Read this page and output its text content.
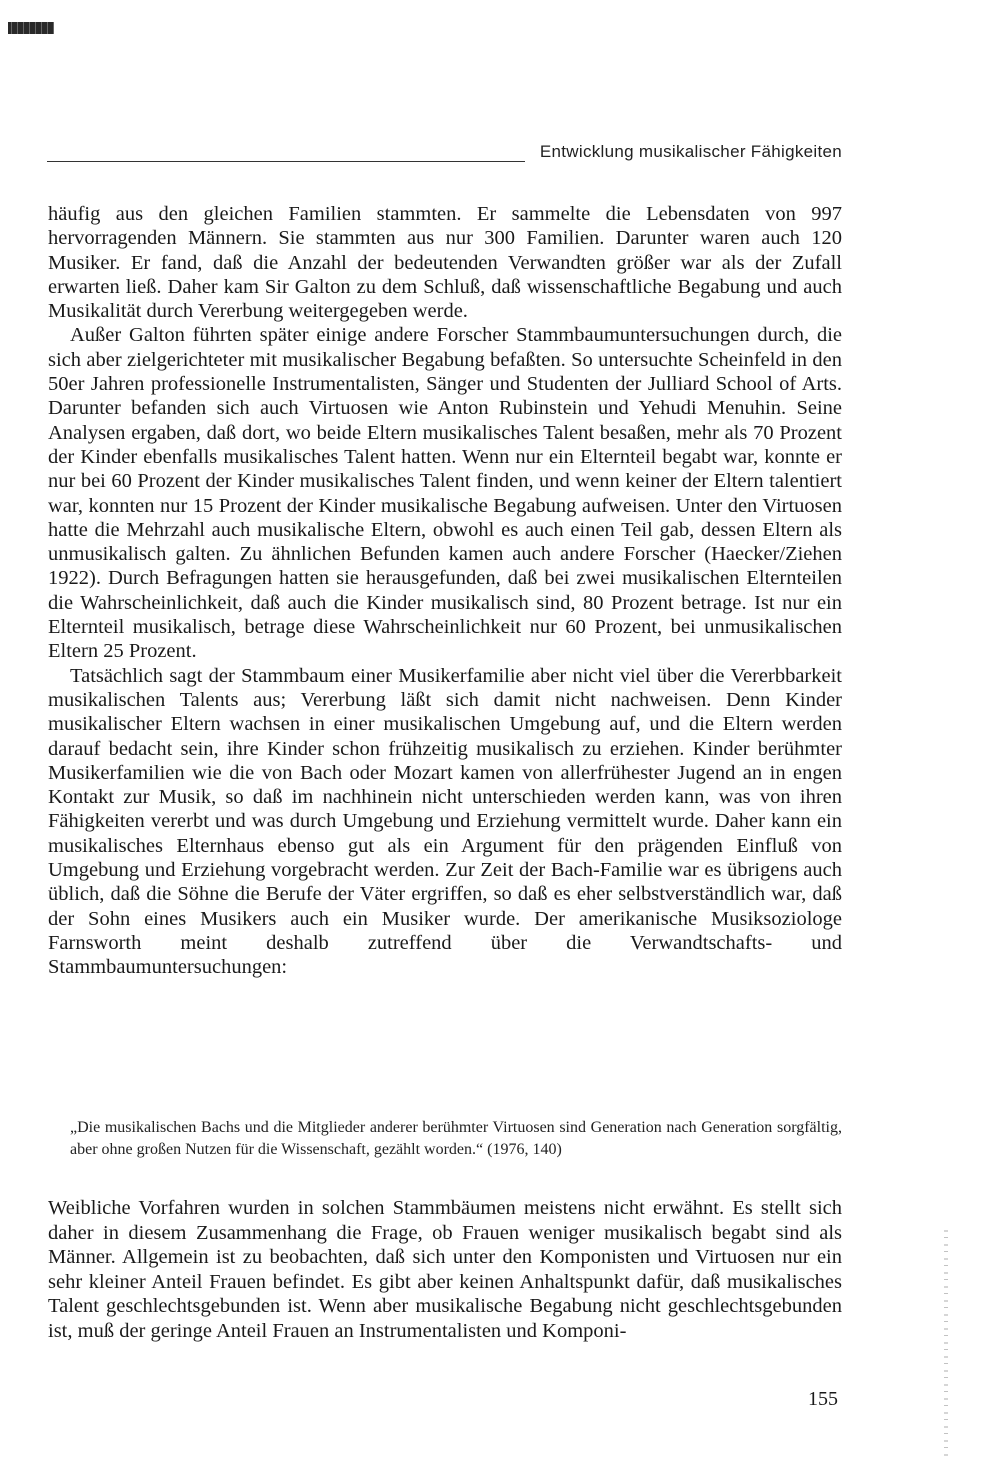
Entwicklung musikalischer Fähigkeiten

häufig aus den gleichen Familien stammten. Er sammelte die Lebensdaten von 997 hervorragenden Männern. Sie stammten aus nur 300 Familien. Darunter waren auch 120 Musiker. Er fand, daß die Anzahl der bedeutenden Verwandten größer war als der Zufall erwarten ließ. Daher kam Sir Galton zu dem Schluß, daß wissenschaftliche Begabung und auch Musikalität durch Vererbung weitergegeben werde.

Außer Galton führten später einige andere Forscher Stammbaumuntersuchungen durch, die sich aber zielgerichteter mit musikalischer Begabung befaßten. So untersuchte Scheinfeld in den 50er Jahren professionelle Instrumentalisten, Sänger und Studenten der Julliard School of Arts. Darunter befanden sich auch Virtuosen wie Anton Rubinstein und Yehudi Menuhin. Seine Analysen ergaben, daß dort, wo beide Eltern musikalisches Talent besaßen, mehr als 70 Prozent der Kinder ebenfalls musikalisches Talent hatten. Wenn nur ein Elternteil begabt war, konnte er nur bei 60 Prozent der Kinder musikalisches Talent finden, und wenn keiner der Eltern talentiert war, konnten nur 15 Prozent der Kinder musikalische Begabung aufweisen. Unter den Virtuosen hatte die Mehrzahl auch musikalische Eltern, obwohl es auch einen Teil gab, dessen Eltern als unmusikalisch galten. Zu ähnlichen Befunden kamen auch andere Forscher (Haecker/Ziehen 1922). Durch Befragungen hatten sie herausgefunden, daß bei zwei musikalischen Elternteilen die Wahrscheinlichkeit, daß auch die Kinder musikalisch sind, 80 Prozent betrage. Ist nur ein Elternteil musikalisch, betrage diese Wahrscheinlichkeit nur 60 Prozent, bei unmusikalischen Eltern 25 Prozent.

Tatsächlich sagt der Stammbaum einer Musikerfamilie aber nicht viel über die Vererbbarkeit musikalischen Talents aus; Vererbung läßt sich damit nicht nachweisen. Denn Kinder musikalischer Eltern wachsen in einer musikalischen Umgebung auf, und die Eltern werden darauf bedacht sein, ihre Kinder schon frühzeitig musikalisch zu erziehen. Kinder berühmter Musikerfamilien wie die von Bach oder Mozart kamen von allerfrühester Jugend an in engen Kontakt zur Musik, so daß im nachhinein nicht unterschieden werden kann, was von ihren Fähigkeiten vererbt und was durch Umgebung und Erziehung vermittelt wurde. Daher kann ein musikalisches Elternhaus ebenso gut als ein Argument für den prägenden Einfluß von Umgebung und Erziehung vorgebracht werden. Zur Zeit der Bach-Familie war es übrigens auch üblich, daß die Söhne die Berufe der Väter ergriffen, so daß es eher selbstverständlich war, daß der Sohn eines Musikers auch ein Musiker wurde. Der amerikanische Musiksoziologe Farnsworth meint deshalb zutreffend über die Verwandtschafts- und Stammbaumuntersuchungen:

„Die musikalischen Bachs und die Mitglieder anderer berühmter Virtuosen sind Generation nach Generation sorgfältig, aber ohne großen Nutzen für die Wissenschaft, gezählt worden.“ (1976, 140)

Weibliche Vorfahren wurden in solchen Stammbäumen meistens nicht erwähnt. Es stellt sich daher in diesem Zusammenhang die Frage, ob Frauen weniger musikalisch begabt sind als Männer. Allgemein ist zu beobachten, daß sich unter den Komponisten und Virtuosen nur ein sehr kleiner Anteil Frauen befindet. Es gibt aber keinen Anhaltspunkt dafür, daß musikalisches Talent geschlechtsgebunden ist. Wenn aber musikalische Begabung nicht geschlechtsgebunden ist, muß der geringe Anteil Frauen an Instrumentalisten und Komponi-

155
